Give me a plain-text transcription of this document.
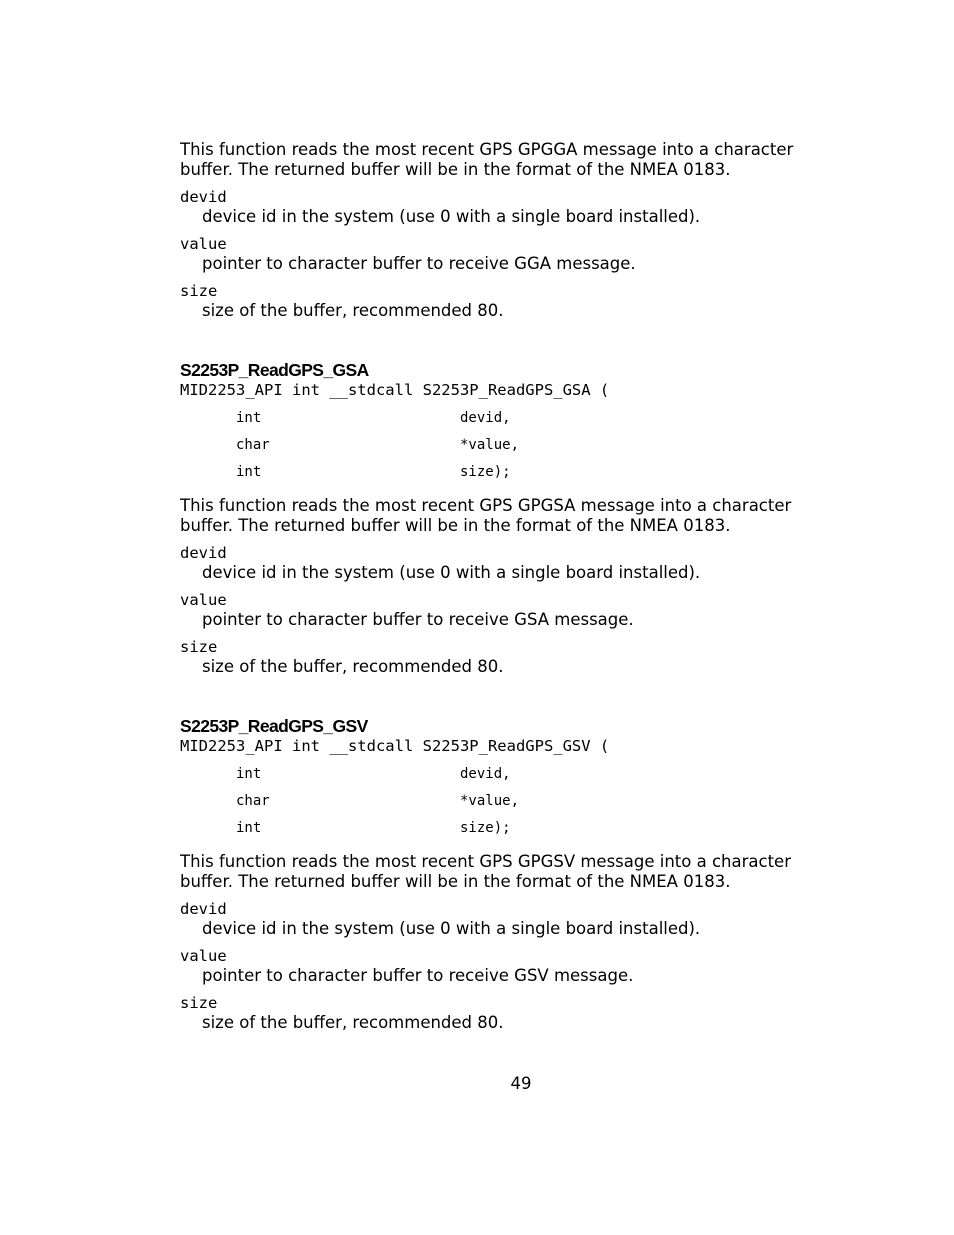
This function reads the most recent GPS GPGGA message into a character
buffer. The returned buffer will be in the format of the NMEA 0183.

devid

device id in the system (use 0 with a single board installed).

value

pointer to character buffer to receive GGA message.

size

size of the buffer, recommended 80.

S2253P_ReadGPS_GSA

MID2253_API int __stdcall S2253P_ReadGPS_GSA (

int	devid,
char	*value,
int	size);

This function reads the most recent GPS GPGSA message into a character
buffer. The returned buffer will be in the format of the NMEA 0183.

devid

device id in the system (use 0 with a single board installed).

value

pointer to character buffer to receive GSA message.

size

size of the buffer, recommended 80.

S2253P_ReadGPS_GSV

MID2253_API int __stdcall S2253P_ReadGPS_GSV (

int	devid,
char	*value,
int	size);

This function reads the most recent GPS GPGSV message into a character
buffer. The returned buffer will be in the format of the NMEA 0183.

devid

device id in the system (use 0 with a single board installed).

value

pointer to character buffer to receive GSV message.

size

size of the buffer, recommended 80.

49
